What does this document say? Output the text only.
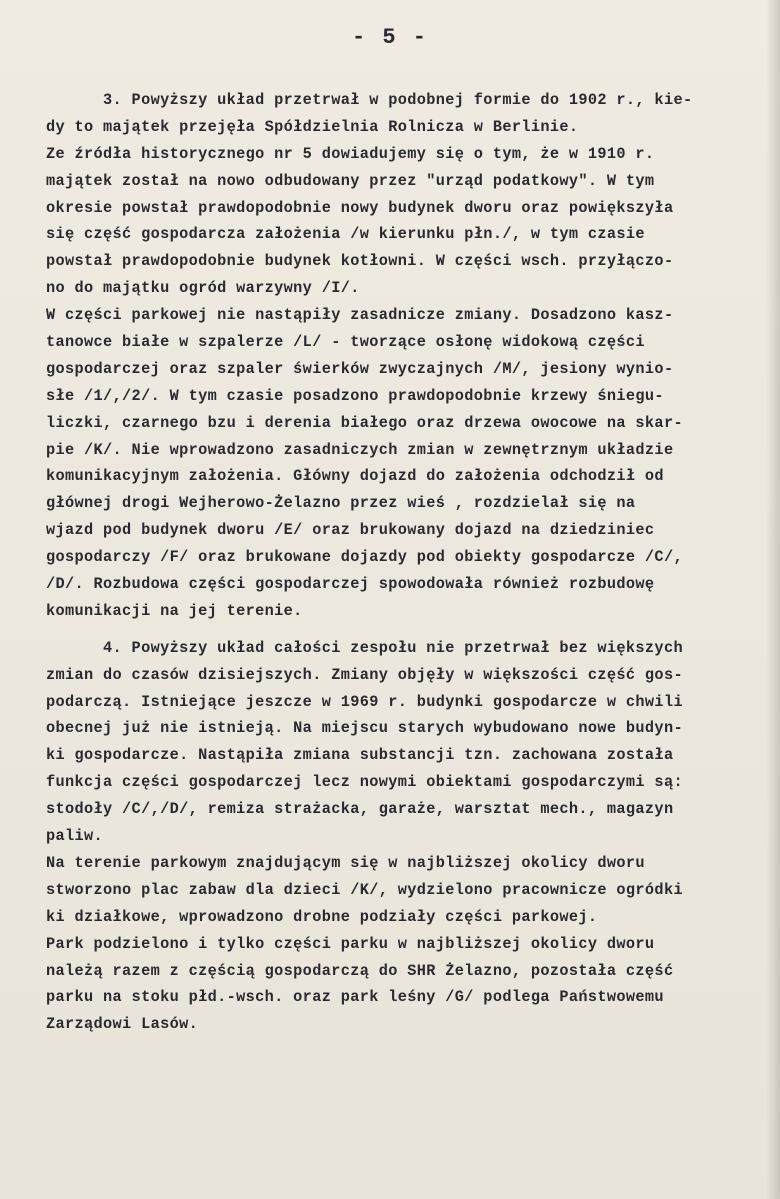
- 5 -
3. Powyższy układ przetrwał w podobnej formie do 1902 r., kie-
dy to majątek przejęła Spółdzielnia Rolnicza w Berlinie.
Ze źródła historycznego nr 5 dowiadujemy się o tym, że w 1910 r.
majątek został na nowo odbudowany przez "urząd podatkowy". W tym
okresie powstał prawdopodobnie nowy budynek dworu oraz powiększyła
się część gospodarcza założenia /w kierunku płn./, w tym czasie
powstał prawdopodobnie budynek kotłowni. W części wsch. przyłączo-
no do majątku ogród warzywny /I/.
W części parkowej nie nastąpiły zasadnicze zmiany. Dosadzono kasz-
tanowce białe w szpalerze /L/ - tworzące osłonę widokową części
gospodarczej oraz szpaler świerków zwyczajnych /M/, jesiony wynio-
słe /1/,/2/. W tym czasie posadzono prawdopodobnie krzewy śniegu-
liczki, czarnego bzu i derenia białego oraz drzewa owocowe na skar-
pie /K/. Nie wprowadzono zasadniczych zmian w zewnętrznym układzie
komunikacyjnym założenia. Główny dojazd do założenia odchodził od
głównej drogi Wejherowo-Żelazno przez wieś , rozdzielał się na
wjazd pod budynek dworu /E/ oraz brukowany dojazd na dziedziniec
gospodarczy /F/ oraz brukowane dojazdy pod obiekty gospodarcze /C/,
/D/. Rozbudowa części gospodarczej spowodowała również rozbudowę
komunikacji na jej terenie.
4. Powyższy układ całości zespołu nie przetrwał bez większych
zmian do czasów dzisiejszych. Zmiany objęły w większości część gos-
podarczą. Istniejące jeszcze w 1969 r. budynki gospodarcze w chwili
obecnej już nie istnieją. Na miejscu starych wybudowano nowe budyn-
ki gospodarcze. Nastąpiła zmiana substancji tzn. zachowana została
funkcja części gospodarczej lecz nowymi obiektami gospodarczymi są:
stodoły /C/,/D/, remiza strażacka, garaże, warsztat mech., magazyn
paliw.
Na terenie parkowym znajdującym się w najbliższej okolicy dworu
stworzono plac zabaw dla dzieci /K/, wydzielono pracownicze ogródki
ki działkowe, wprowadzono drobne podziały części parkowej.
Park podzielono i tylko części parku w najbliższej okolicy dworu
należą razem z częścią gospodarczą do SHR Żelazno, pozostała część
parku na stoku płd.-wsch. oraz park leśny /G/ podlega Państwowemu
Zarządowi Lasów.
